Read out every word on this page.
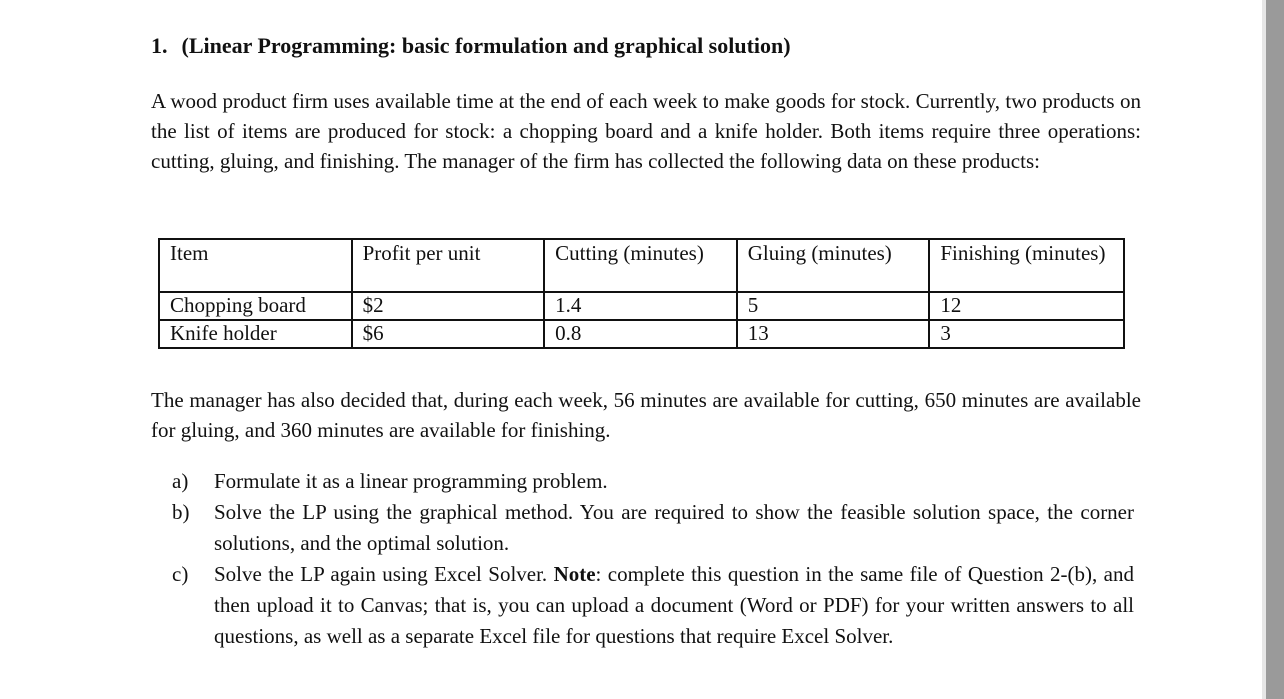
1. (Linear Programming: basic formulation and graphical solution)
A wood product firm uses available time at the end of each week to make goods for stock. Currently, two products on the list of items are produced for stock: a chopping board and a knife holder. Both items require three operations: cutting, gluing, and finishing. The manager of the firm has collected the following data on these products:
Item	Profit per unit	Cutting (minutes)	Gluing (minutes)	Finishing (minutes)
Chopping board	$2	1.4	5	12
Knife holder	$6	0.8	13	3
The manager has also decided that, during each week, 56 minutes are available for cutting, 650 minutes are available for gluing, and 360 minutes are available for finishing.
a)	Formulate it as a linear programming problem.
b)	Solve the LP using the graphical method. You are required to show the feasible solution space, the corner solutions, and the optimal solution.
c)	Solve the LP again using Excel Solver. Note: complete this question in the same file of Question 2-(b), and then upload it to Canvas; that is, you can upload a document (Word or PDF) for your written answers to all questions, as well as a separate Excel file for questions that require Excel Solver.
